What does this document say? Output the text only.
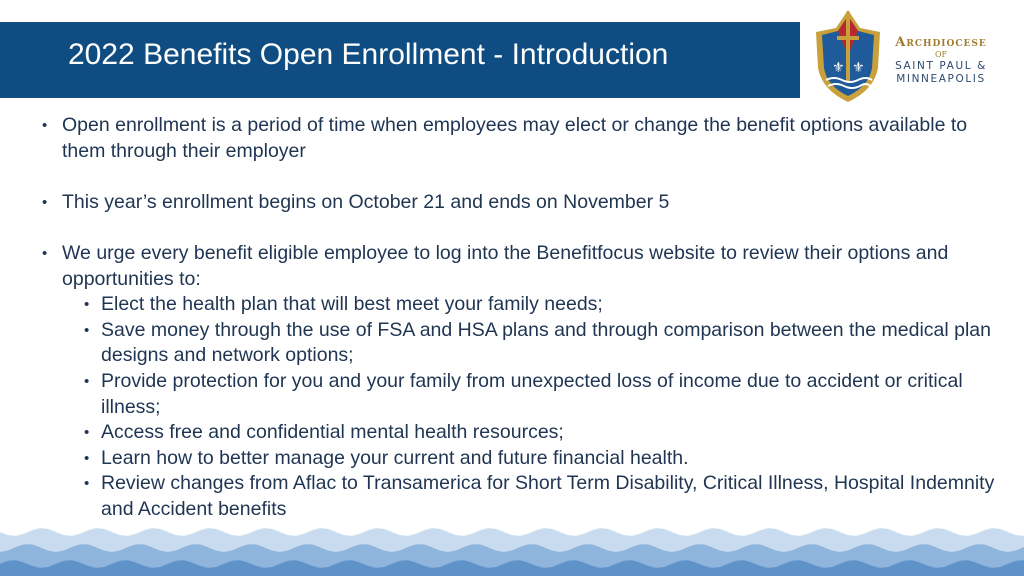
2022 Benefits Open Enrollment - Introduction	⚜ ⚜
Archdiocese
OF
SAINT PAUL &
MINNEAPOLIS
• Open enrollment is a period of time when employees may elect or change the benefit options available to them through their employer
• This year’s enrollment begins on October 21 and ends on November 5
• We urge every benefit eligible employee to log into the Benefitfocus website to review their options and opportunities to:
• Elect the health plan that will best meet your family needs;
• Save money through the use of FSA and HSA plans and through comparison between the medical plan designs and network options;
• Provide protection for you and your family from unexpected loss of income due to accident or critical illness;
• Access free and confidential mental health resources;
• Learn how to better manage your current and future financial health.
• Review changes from Aflac to Transamerica for Short Term Disability, Critical Illness, Hospital Indemnity and Accident benefits
